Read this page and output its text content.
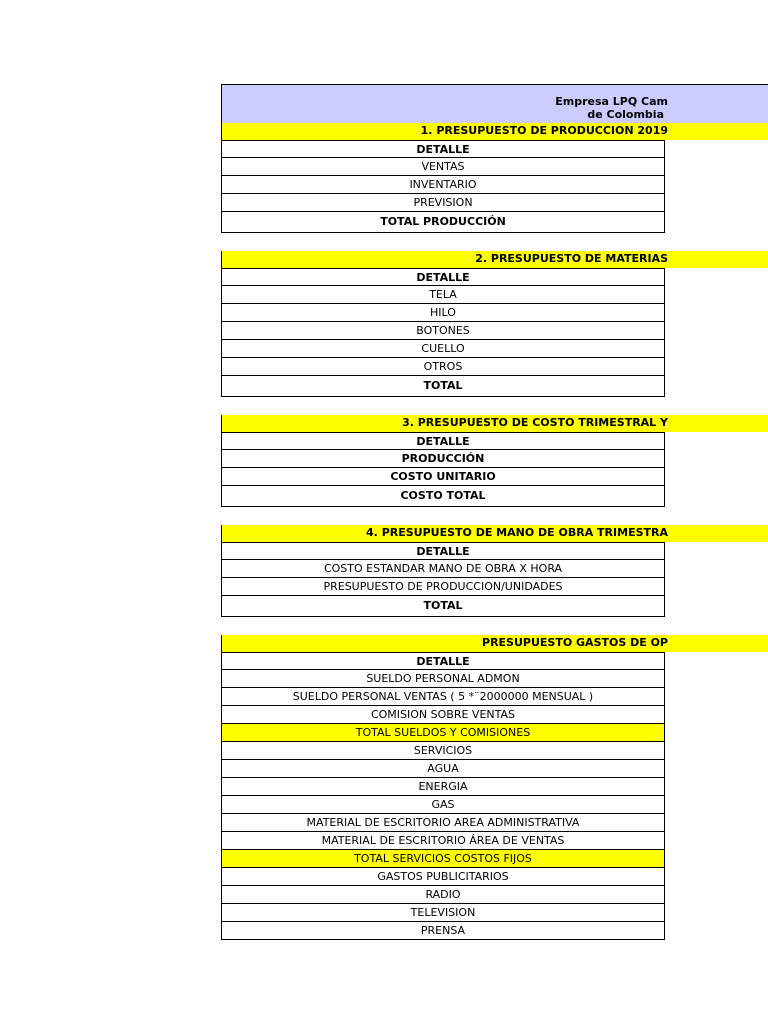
Empresa LPQ Cam
de Colombia
1. PRESUPUESTO DE PRODUCCION 2019
DETALLE
VENTAS
INVENTARIO
PREVISION
TOTAL PRODUCCIÓN
2. PRESUPUESTO DE MATERIAS
DETALLE
TELA
HILO
BOTONES
CUELLO
OTROS
TOTAL
3. PRESUPUESTO DE COSTO TRIMESTRAL Y
DETALLE
PRODUCCIÓN
COSTO UNITARIO
COSTO TOTAL
4. PRESUPUESTO DE MANO DE OBRA TRIMESTRA
DETALLE
COSTO ESTANDAR MANO DE OBRA X HORA
PRESUPUESTO DE PRODUCCION/UNIDADES
TOTAL
PRESUPUESTO GASTOS DE OP
DETALLE
SUELDO PERSONAL ADMON
SUELDO PERSONAL VENTAS ( 5 *¨2000000 MENSUAL )
COMISION SOBRE VENTAS
TOTAL SUELDOS Y COMISIONES
SERVICIOS
AGUA
ENERGIA
GAS
MATERIAL DE ESCRITORIO AREA ADMINISTRATIVA
MATERIAL DE ESCRITORIO ÁREA DE VENTAS
TOTAL SERVICIOS COSTOS FIJOS
GASTOS PUBLICITARIOS
RADIO
TELEVISION
PRENSA
